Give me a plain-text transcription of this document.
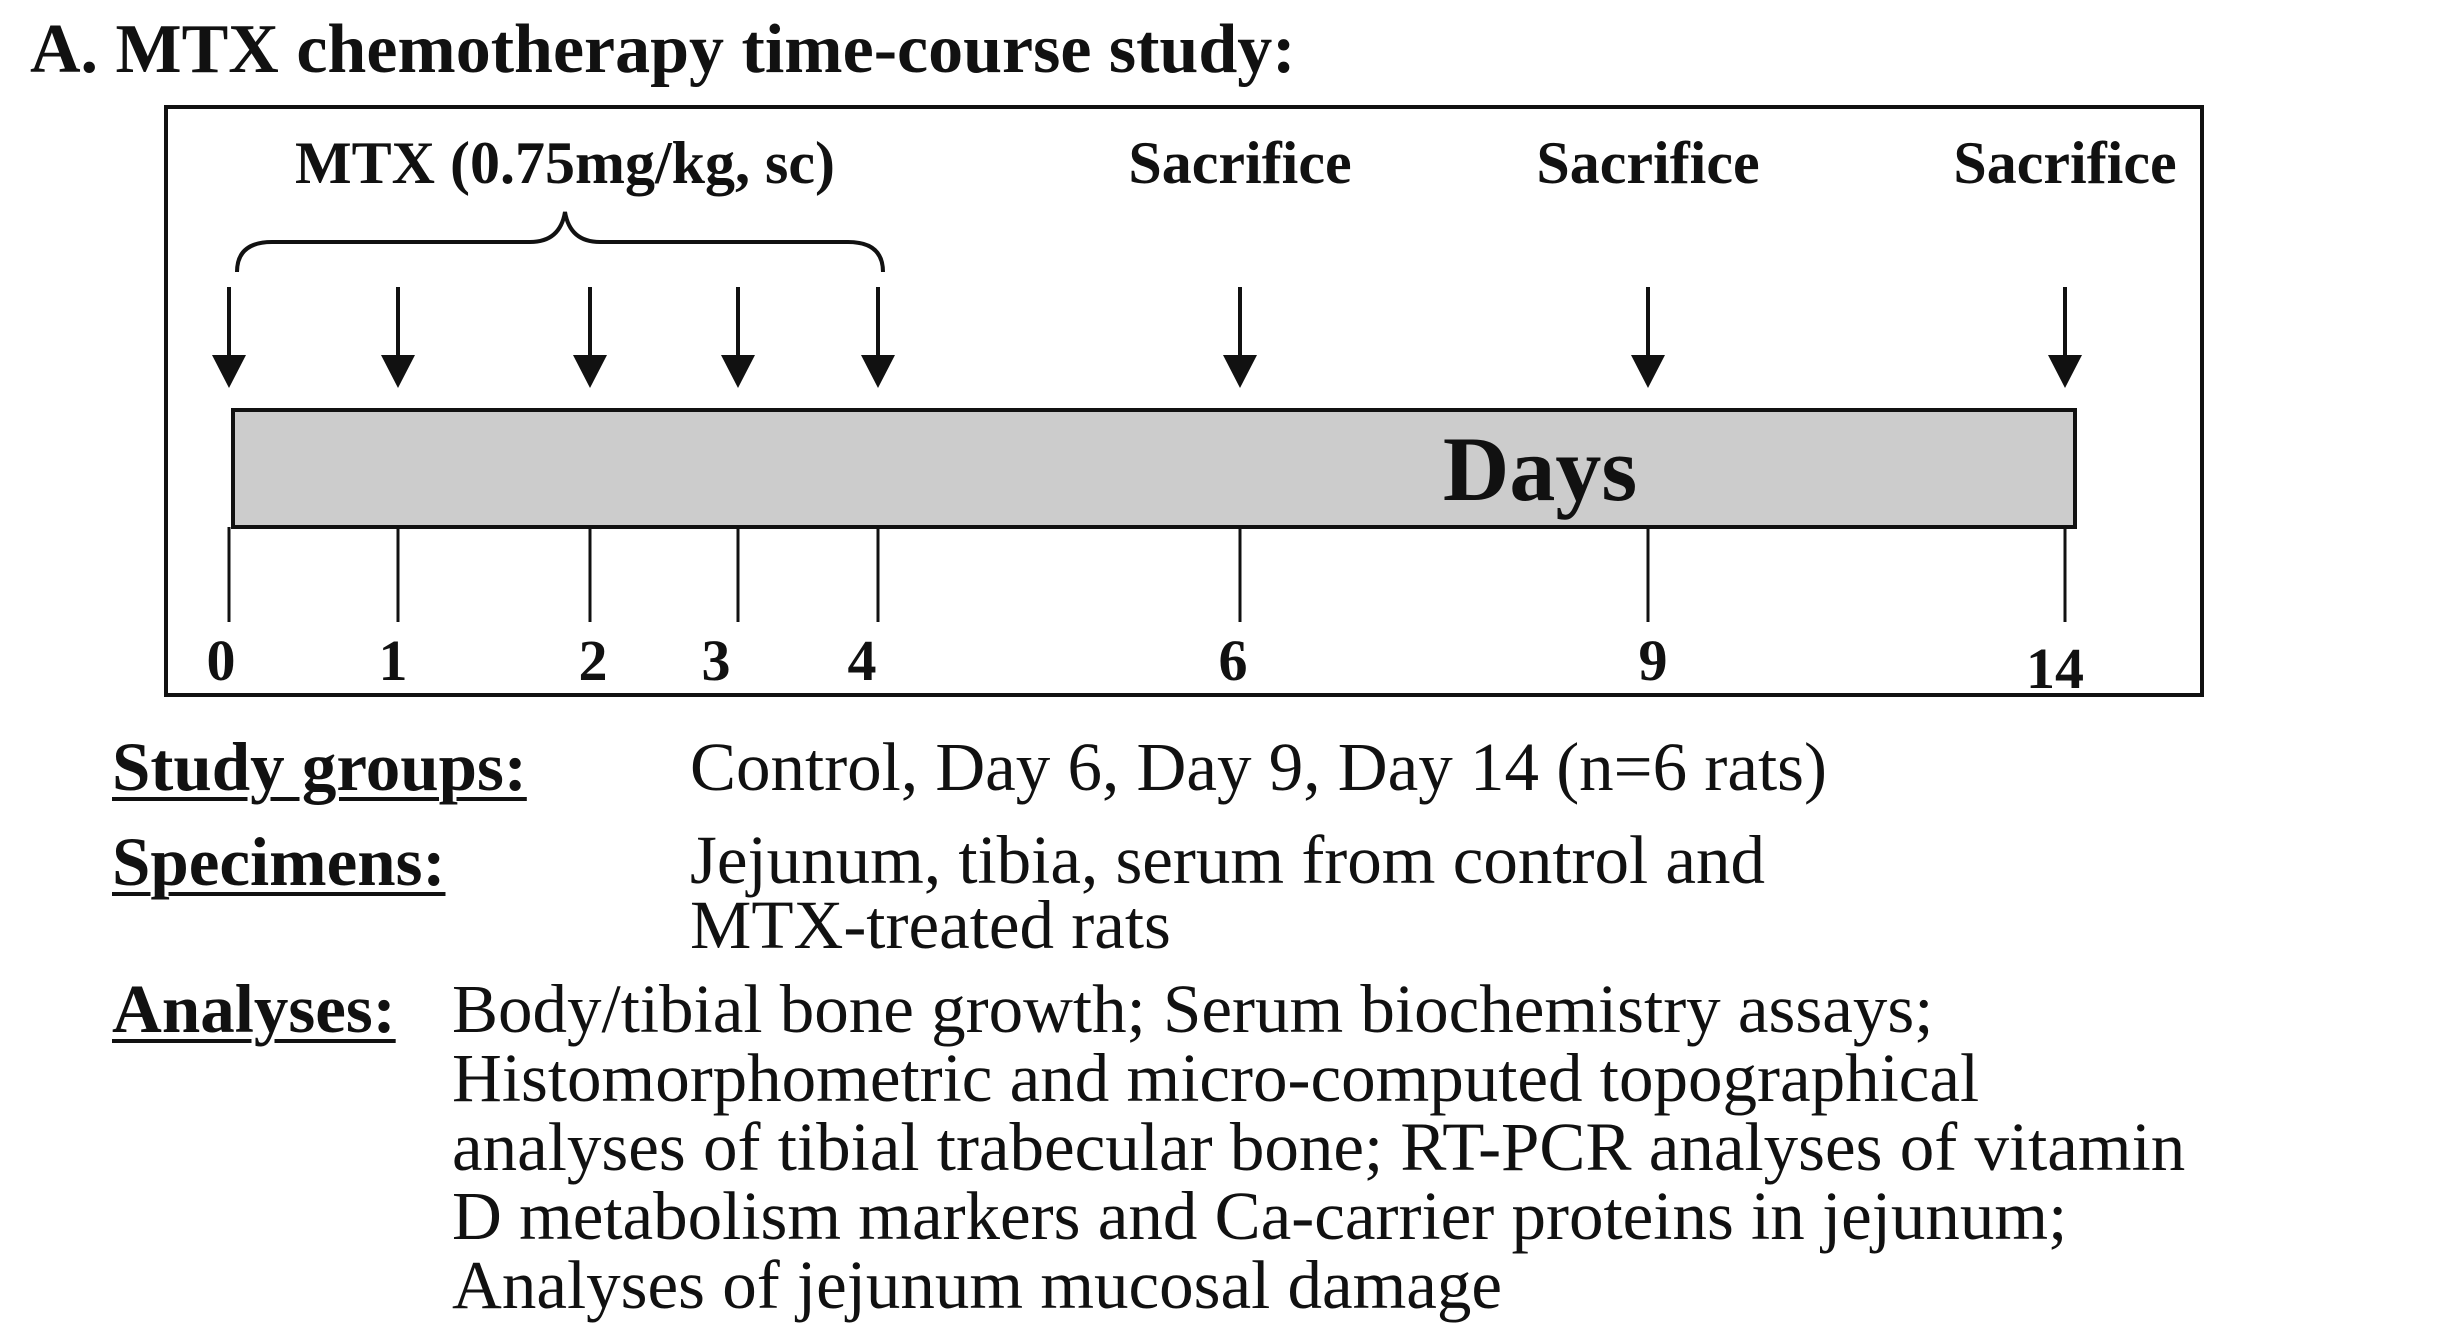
A. MTX chemotherapy time-course study:
MTX (0.75mg/kg, sc)	Sacrifice	Sacrifice	Sacrifice
Days
0 1	2 3 4	6	9	14
Study groups: Control, Day 6, Day 9, Day 14 (n=6 rats)
Specimens:	Jejunum, tibia, serum from control and
MTX-treated rats
Analyses: Body/tibial bone growth; Serum biochemistry assays;
Histomorphometric and micro-computed topographical
analyses of tibial trabecular bone; RT-PCR analyses of vitamin
D metabolism markers and Ca-carrier proteins in jejunum;
Analyses of jejunum mucosal damage
